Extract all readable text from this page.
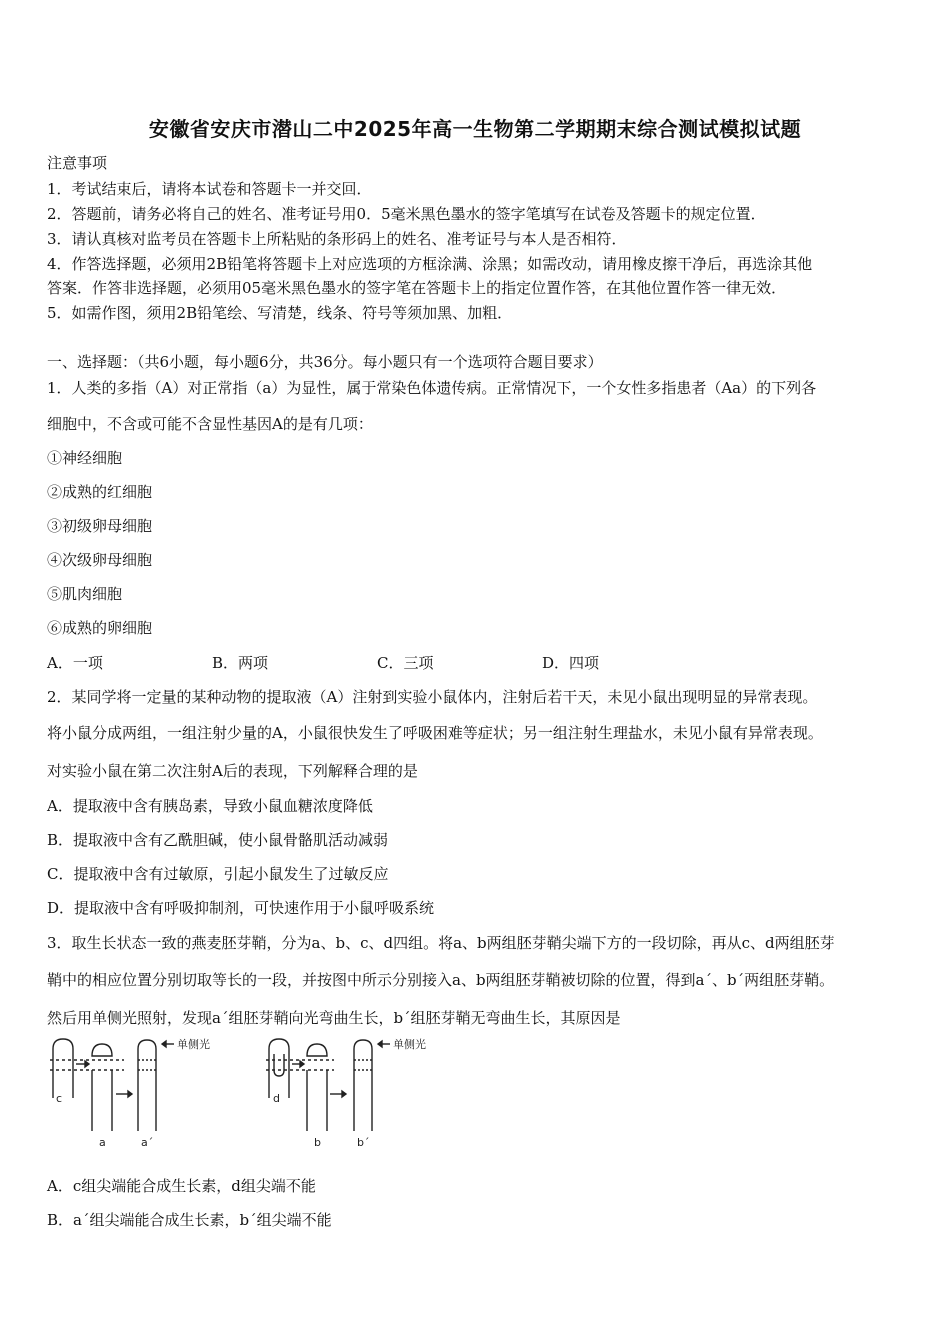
安徽省安庆市潜山二中2025年高一生物第二学期期末综合测试模拟试题
注意事项
1．考试结束后，请将本试卷和答题卡一并交回．
2．答题前，请务必将自己的姓名、准考证号用0．5毫米黑色墨水的签字笔填写在试卷及答题卡的规定位置．
3．请认真核对监考员在答题卡上所粘贴的条形码上的姓名、准考证号与本人是否相符．
4．作答选择题，必须用2B铅笔将答题卡上对应选项的方框涂满、涂黑；如需改动，请用橡皮擦干净后，再选涂其他
答案．作答非选择题，必须用05毫米黑色墨水的签字笔在答题卡上的指定位置作答，在其他位置作答一律无效．
5．如需作图，须用2B铅笔绘、写清楚，线条、符号等须加黑、加粗．
一、选择题：（共6小题，每小题6分，共36分。每小题只有一个选项符合题目要求）
1．人类的多指（A）对正常指（a）为显性，属于常染色体遗传病。正常情况下，一个女性多指患者（Aa）的下列各
细胞中，不含或可能不含显性基因A的是有几项：
①神经细胞
②成熟的红细胞
③初级卵母细胞
④次级卵母细胞
⑤肌肉细胞
⑥成熟的卵细胞
A．一项	B．两项	C．三项	D．四项
2．某同学将一定量的某种动物的提取液（A）注射到实验小鼠体内，注射后若干天，未见小鼠出现明显的异常表现。
将小鼠分成两组，一组注射少量的A，小鼠很快发生了呼吸困难等症状；另一组注射生理盐水，未见小鼠有异常表现。
对实验小鼠在第二次注射A后的表现，下列解释合理的是
A．提取液中含有胰岛素，导致小鼠血糖浓度降低
B．提取液中含有乙酰胆碱，使小鼠骨骼肌活动减弱
C．提取液中含有过敏原，引起小鼠发生了过敏反应
D．提取液中含有呼吸抑制剂，可快速作用于小鼠呼吸系统
3．取生长状态一致的燕麦胚芽鞘，分为a、b、c、d四组。将a、b两组胚芽鞘尖端下方的一段切除，再从c、d两组胚芽
鞘中的相应位置分别切取等长的一段，并按图中所示分别接入a、b两组胚芽鞘被切除的位置，得到a´、b´两组胚芽鞘。
然后用单侧光照射，发现a´组胚芽鞘向光弯曲生长，b´组胚芽鞘无弯曲生长，其原因是
单侧光	单侧光
c
a	a´
d
b	b´
A．c组尖端能合成生长素，d组尖端不能
B．a´组尖端能合成生长素，b´组尖端不能
